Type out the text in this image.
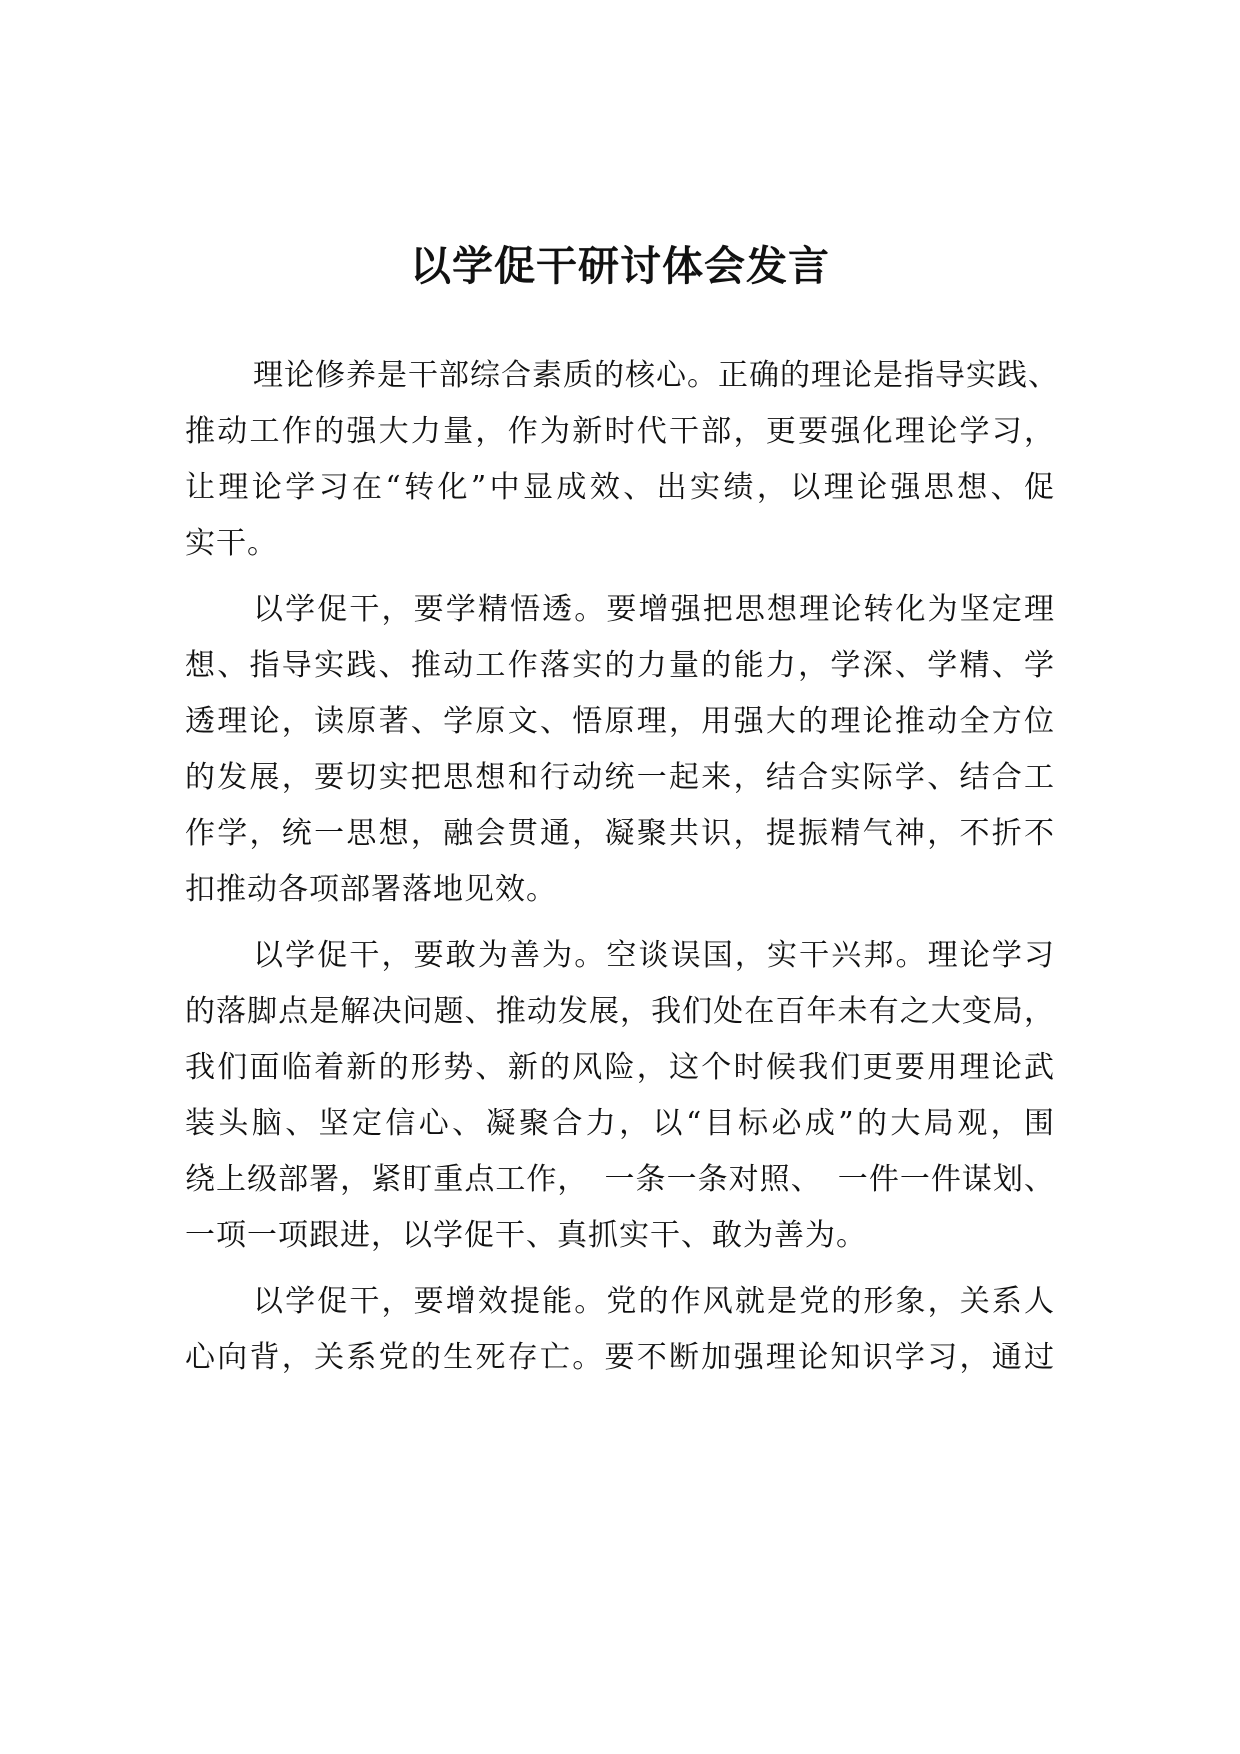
以学促干研讨体会发言

理论修养是干部综合素质的核心。正确的理论是指导实践、
推动工作的强大力量，作为新时代干部，更要强化理论学习，
让理论学习在“转化”中显成效、出实绩，以理论强思想、促
实干。

以学促干，要学精悟透。要增强把思想理论转化为坚定理
想、指导实践、推动工作落实的力量的能力，学深、学精、学
透理论，读原著、学原文、悟原理，用强大的理论推动全方位
的发展，要切实把思想和行动统一起来，结合实际学、结合工
作学，统一思想，融会贯通，凝聚共识，提振精气神，不折不
扣推动各项部署落地见效。

以学促干，要敢为善为。空谈误国，实干兴邦。理论学习
的落脚点是解决问题、推动发展，我们处在百年未有之大变局，
我们面临着新的形势、新的风险，这个时候我们更要用理论武
装头脑、坚定信心、凝聚合力，以“目标必成”的大局观，围
绕上级部署，紧盯重点工作，　一条一条对照、　一件一件谋划、
一项一项跟进，以学促干、真抓实干、敢为善为。

以学促干，要增效提能。党的作风就是党的形象，关系人
心向背，关系党的生死存亡。要不断加强理论知识学习，通过
